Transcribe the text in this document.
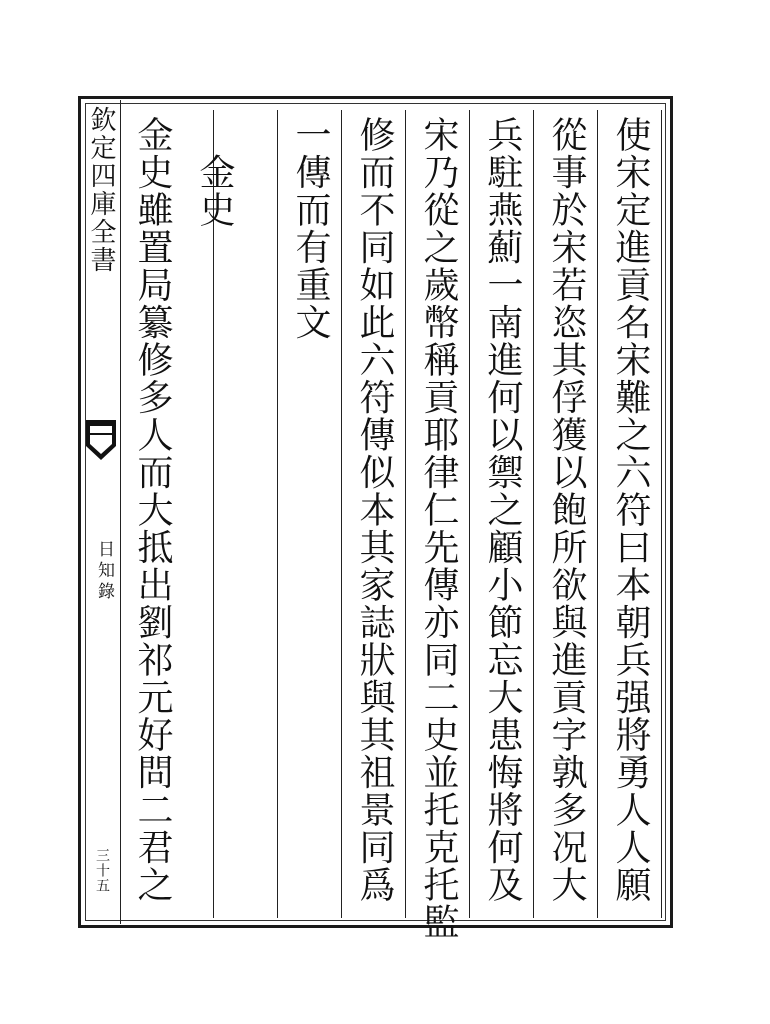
欽定四庫全書
日知錄
三十五	使宋定進貢名宋難之六符曰本朝兵强將勇人人願
從事於宋若恣其俘獲以飽所欲與進貢字孰多况大
兵駐燕薊一南進何以禦之顧小節忘大患悔將何及
宋乃從之歲幣稱貢耶律仁先傳亦同二史並托克托監
修而不同如此六符傳似本其家誌狀與其祖景同爲
一傳而有重文
　金史
金史雖置局纂修多人而大抵出劉祁元好問二君之
